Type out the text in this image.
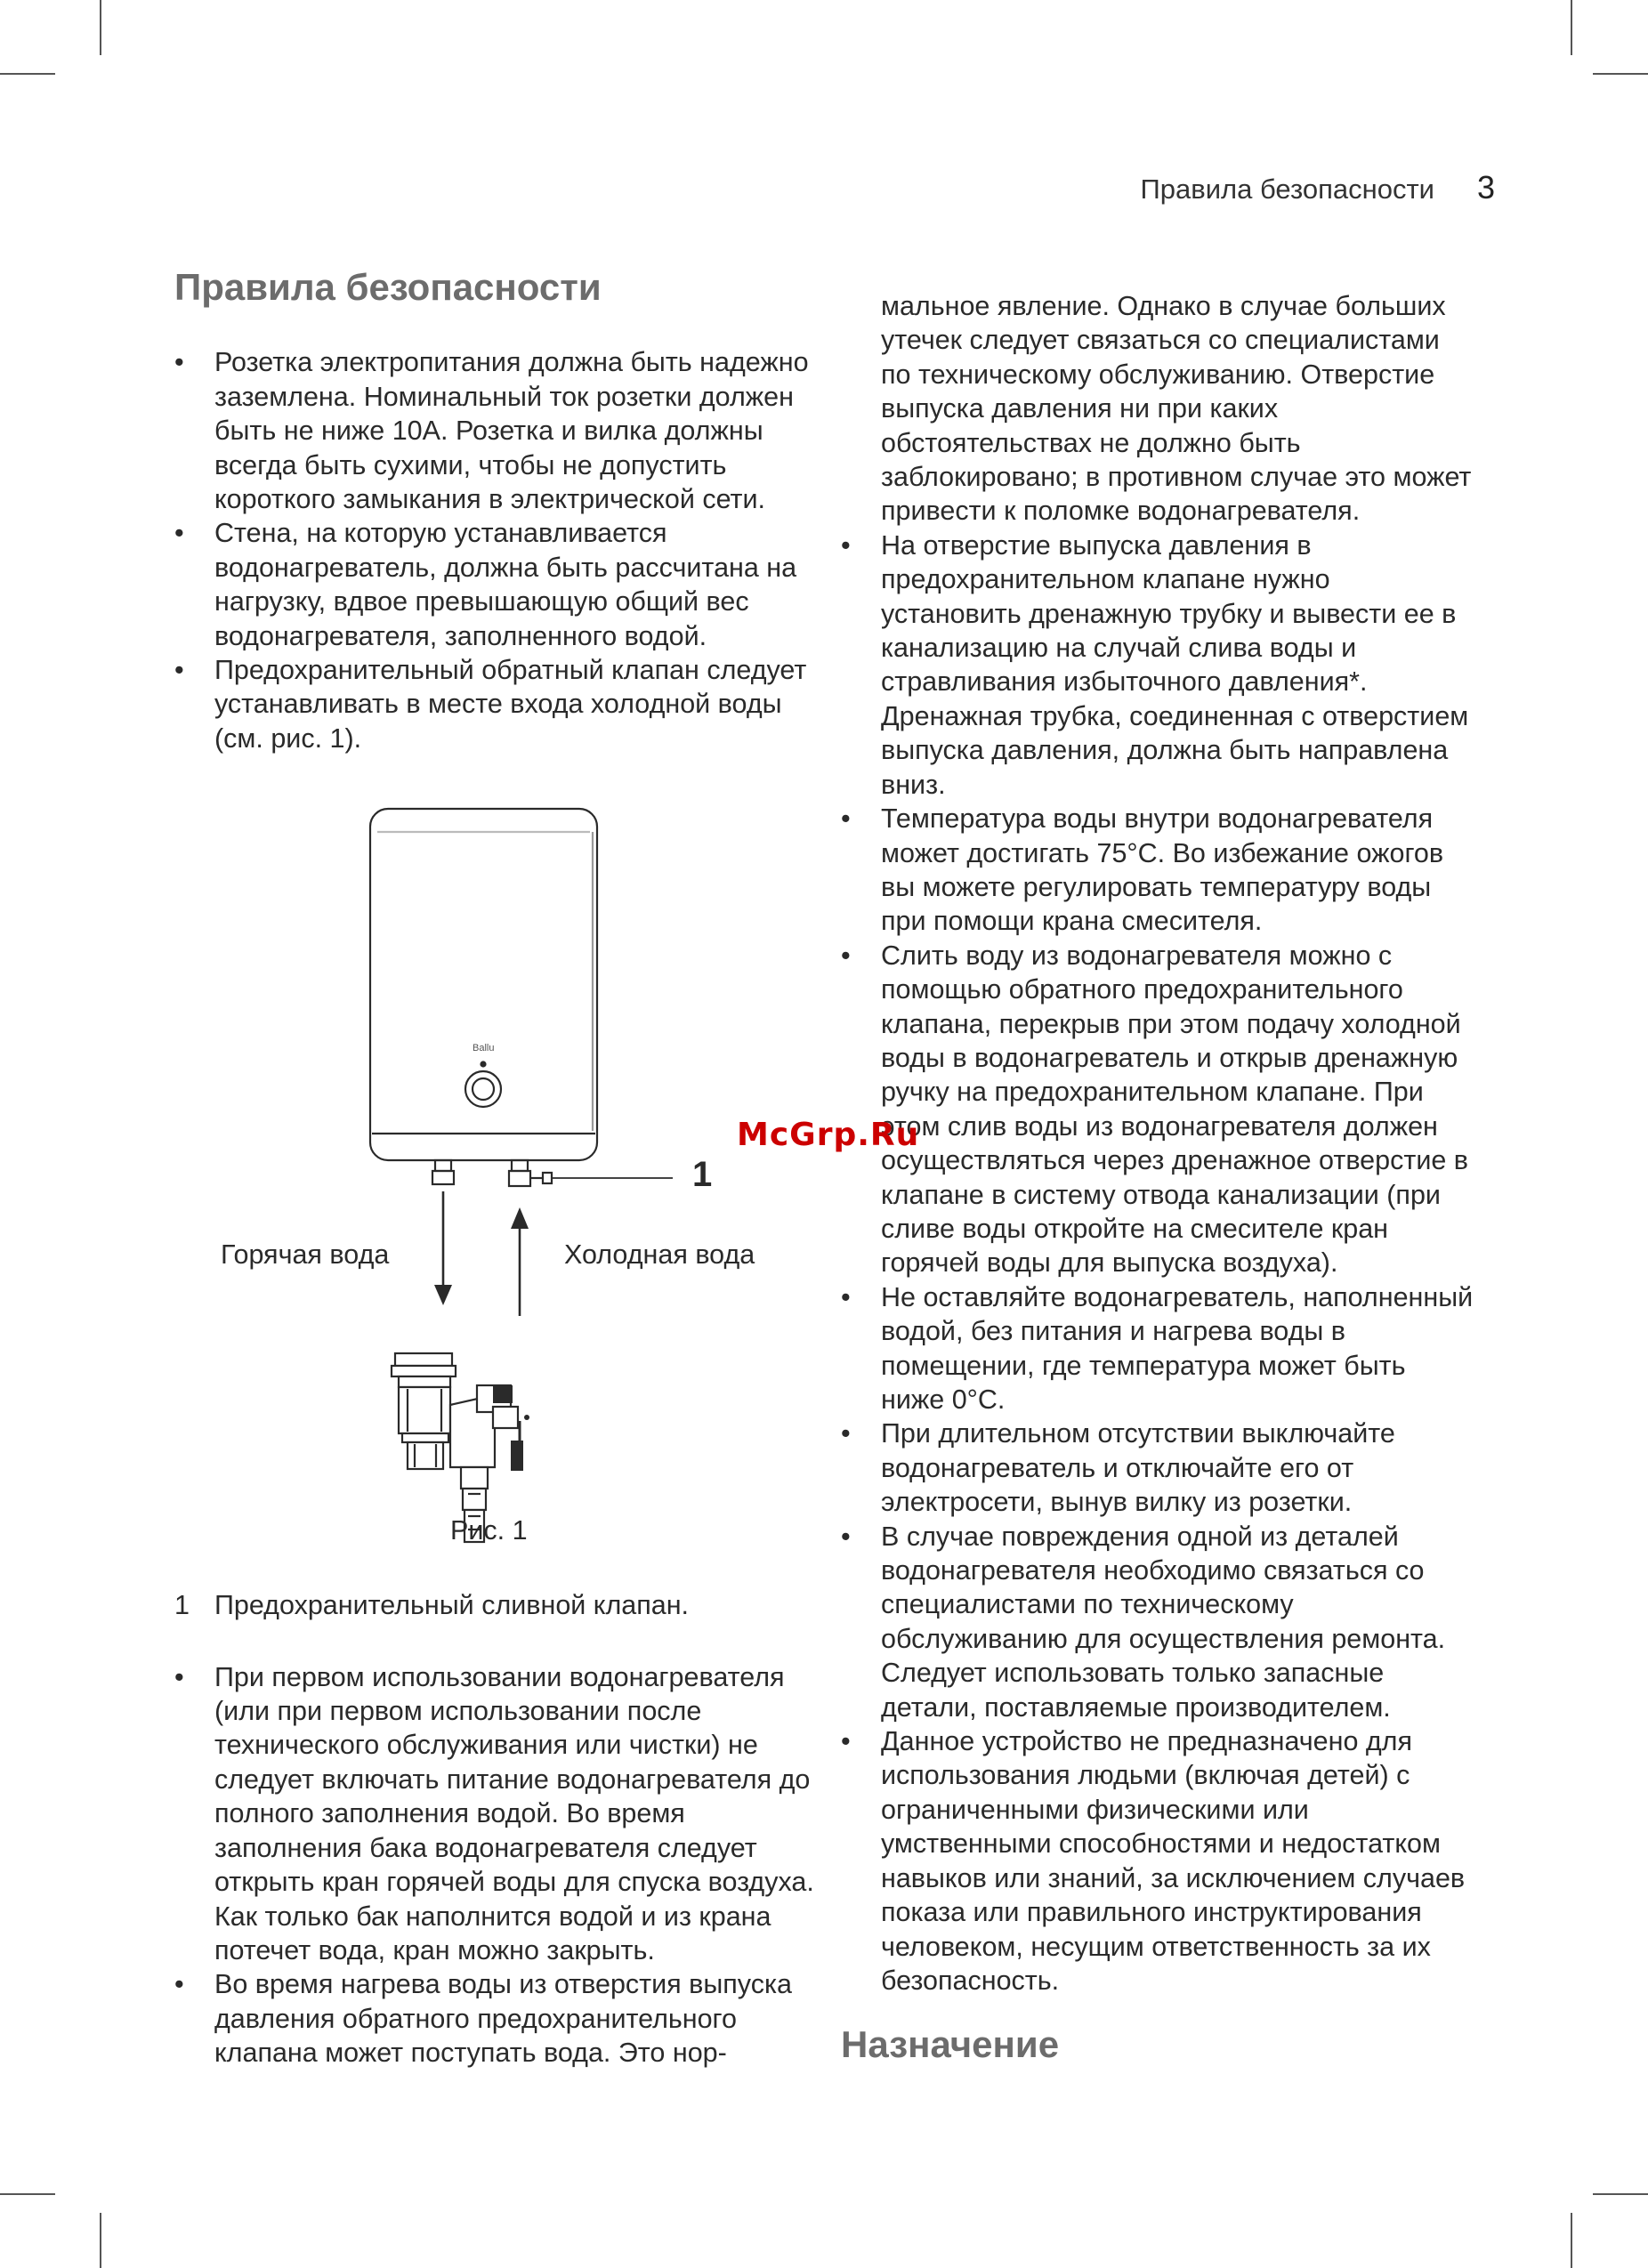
Правила безопасности 3
Правила безопасности
• Розетка электропитания должна быть надежно заземлена. Номинальный ток розетки должен быть не ниже 10А. Розетка и вилка должны всегда быть сухими, чтобы не допустить короткого замыкания в электрической сети.
• Стена, на которую устанавливается водонагреватель, должна быть рассчитана на нагрузку, вдвое превышающую общий вес водонагревателя, заполненного водой.
• Предохранительный обратный клапан следует устанавливать в месте входа холодной воды (см. рис. 1).
Ballu
Горячая вода	Холодная вода
1
Рис. 1
1 Предохранительный сливной клапан.
• При первом использовании водонагревателя (или при первом использовании после технического обслуживания или чистки) не следует включать питание водонагревателя до полного заполнения водой. Во время заполнения бака водонагревателя следует открыть кран горячей воды для спуска воздуха. Как только бак наполнится водой и из крана потечет вода, кран можно закрыть.
• Во время нагрева воды из отверстия выпуска давления обратного предохранительного клапана может поступать вода. Это нор-
мальное явление. Однако в случае больших утечек следует связаться со специалистами по техническому обслуживанию. Отверстие выпуска давления ни при каких обстоятельствах не должно быть заблокировано; в противном случае это может привести к поломке водонагревателя.
• На отверстие выпуска давления в предохранительном клапане нужно установить дренажную трубку и вывести ее в канализацию на случай слива воды и стравливания избыточного давления*. Дренажная трубка, соединенная с отверстием выпуска давления, должна быть направлена вниз.
• Температура воды внутри водонагревателя может достигать 75°С. Во избежание ожогов вы можете регулировать температуру воды при помощи крана смесителя.
• Слить воду из водонагревателя можно с помощью обратного предохранительного клапана, перекрыв при этом подачу холодной воды в водонагреватель и открыв дренажную ручку на предохранительном клапане. При этом слив воды из водонагревателя должен осуществляться через дренажное отверстие в клапане в систему отвода канализации (при сливе воды откройте на смесителе кран горячей воды для выпуска воздуха).
• Не оставляйте водонагреватель, наполненный водой, без питания и нагрева воды в помещении, где температура может быть ниже 0°С.
• При длительном отсутствии выключайте водонагреватель и отключайте его от электросети, вынув вилку из розетки.
• В случае повреждения одной из деталей водонагревателя необходимо связаться со специалистами по техническому обслуживанию для осуществления ремонта. Следует использовать только запасные детали, поставляемые производителем.
• Данное устройство не предназначено для использования людьми (включая детей) с ограниченными физическими или умственными способностями и недостатком навыков или знаний, за исключением случаев показа или правильного инструктирования человеком, несущим ответственность за их безопасность.
Назначение
McGrp.Ru
